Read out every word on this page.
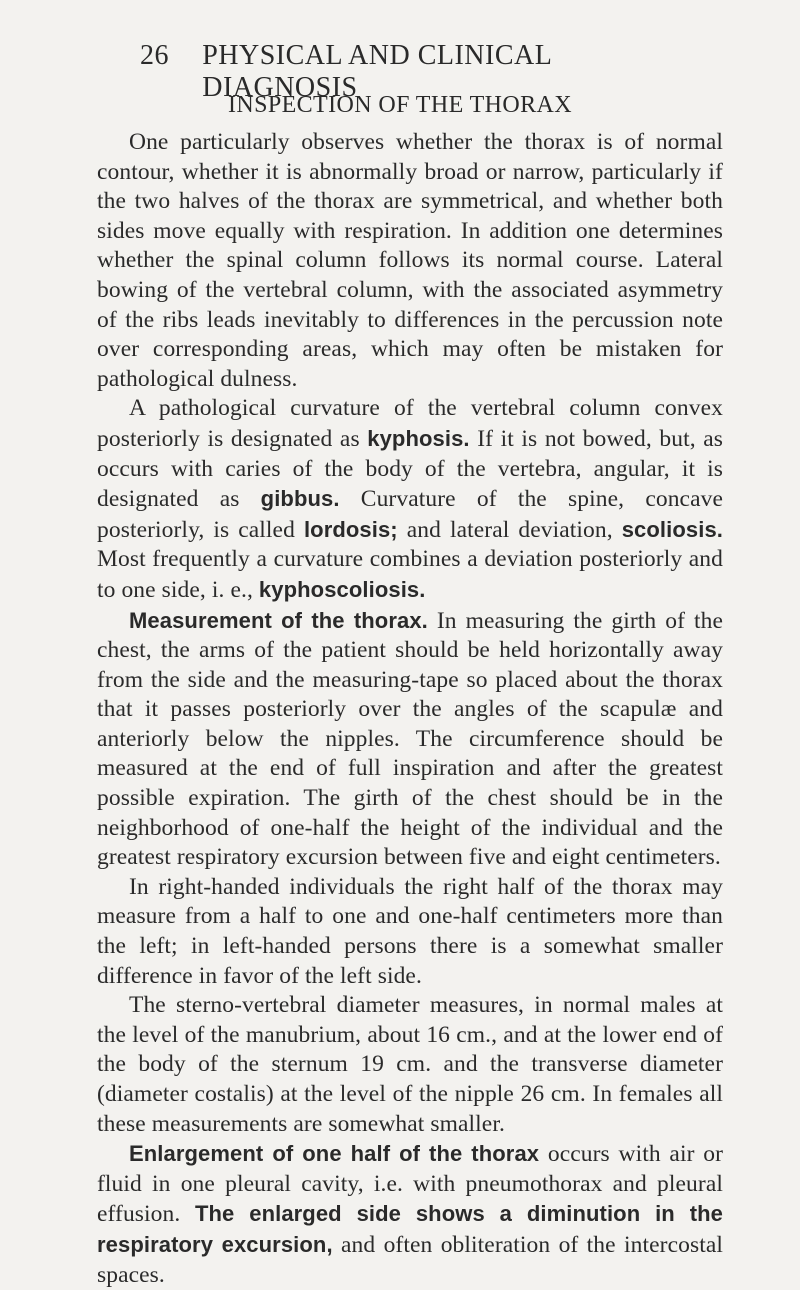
26	PHYSICAL AND CLINICAL DIAGNOSIS
INSPECTION OF THE THORAX

One particularly observes whether the thorax is of normal contour, whether it is abnormally broad or narrow, particularly if the two halves of the thorax are symmetrical, and whether both sides move equally with respiration. In addition one determines whether the spinal column follows its normal course. Lateral bowing of the vertebral column, with the associated asymmetry of the ribs leads inevitably to differences in the percussion note over corresponding areas, which may often be mistaken for pathological dulness.

A pathological curvature of the vertebral column convex posteriorly is designated as kyphosis. If it is not bowed, but, as occurs with caries of the body of the vertebra, angular, it is designated as gibbus. Curvature of the spine, concave posteriorly, is called lordosis; and lateral deviation, scoliosis. Most frequently a curvature combines a deviation posteriorly and to one side, i. e., kyphoscoliosis.

Measurement of the thorax. In measuring the girth of the chest, the arms of the patient should be held horizontally away from the side and the measuring-tape so placed about the thorax that it passes posteriorly over the angles of the scapulæ and anteriorly below the nipples. The circumference should be measured at the end of full inspiration and after the greatest possible expiration. The girth of the chest should be in the neighborhood of one-half the height of the individual and the greatest respiratory excursion between five and eight centimeters.

In right-handed individuals the right half of the thorax may measure from a half to one and one-half centimeters more than the left; in left-handed persons there is a somewhat smaller difference in favor of the left side.

The sterno-vertebral diameter measures, in normal males at the level of the manubrium, about 16 cm., and at the lower end of the body of the sternum 19 cm. and the transverse diameter (diameter costalis) at the level of the nipple 26 cm. In females all these measurements are somewhat smaller.

Enlargement of one half of the thorax occurs with air or fluid in one pleural cavity, i.e. with pneumothorax and pleural effusion. The enlarged side shows a diminution in the respiratory excursion, and often obliteration of the intercostal spaces.
